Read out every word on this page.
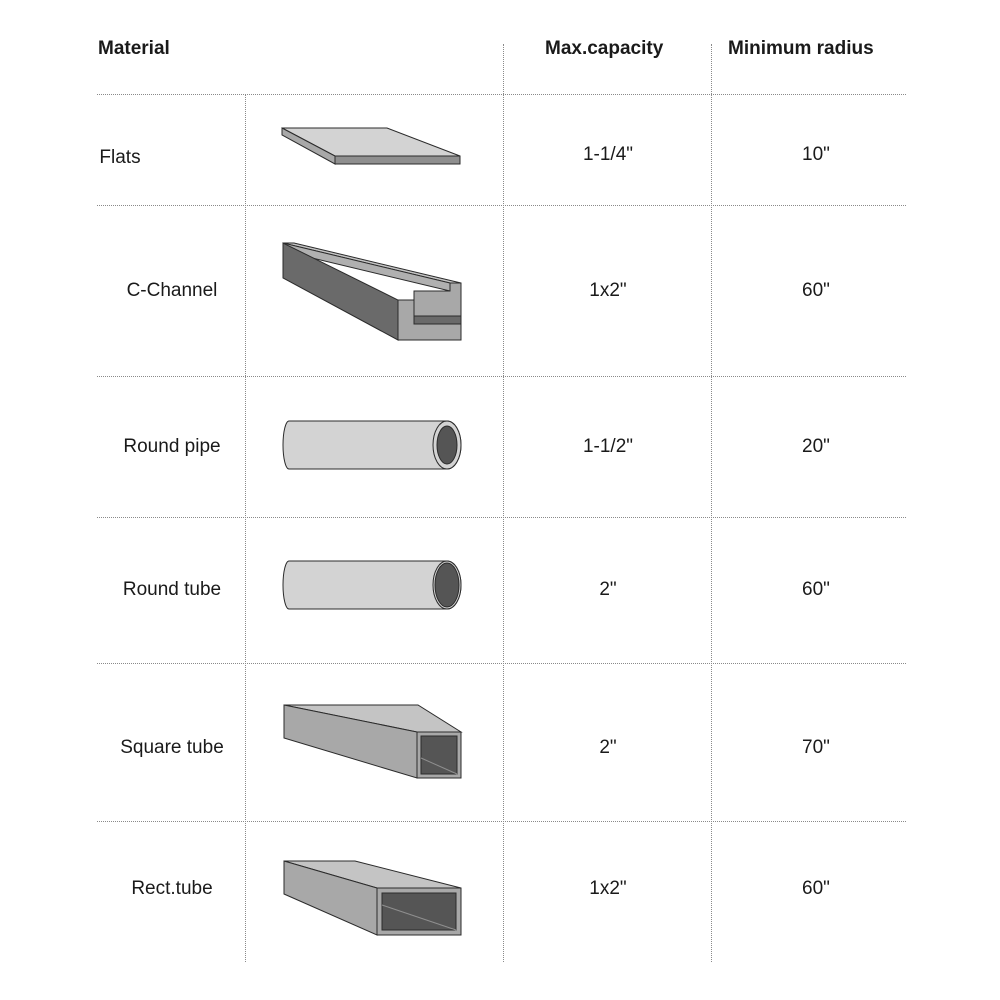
Material	Max.capacity	Minimum radius
Flats	1-1/4"	10"
C-Channel	1x2"	60"
Round pipe	1-1/2"	20"
Round tube	2"	60"
Square tube	2"	70"
Rect.tube	1x2"	60"
